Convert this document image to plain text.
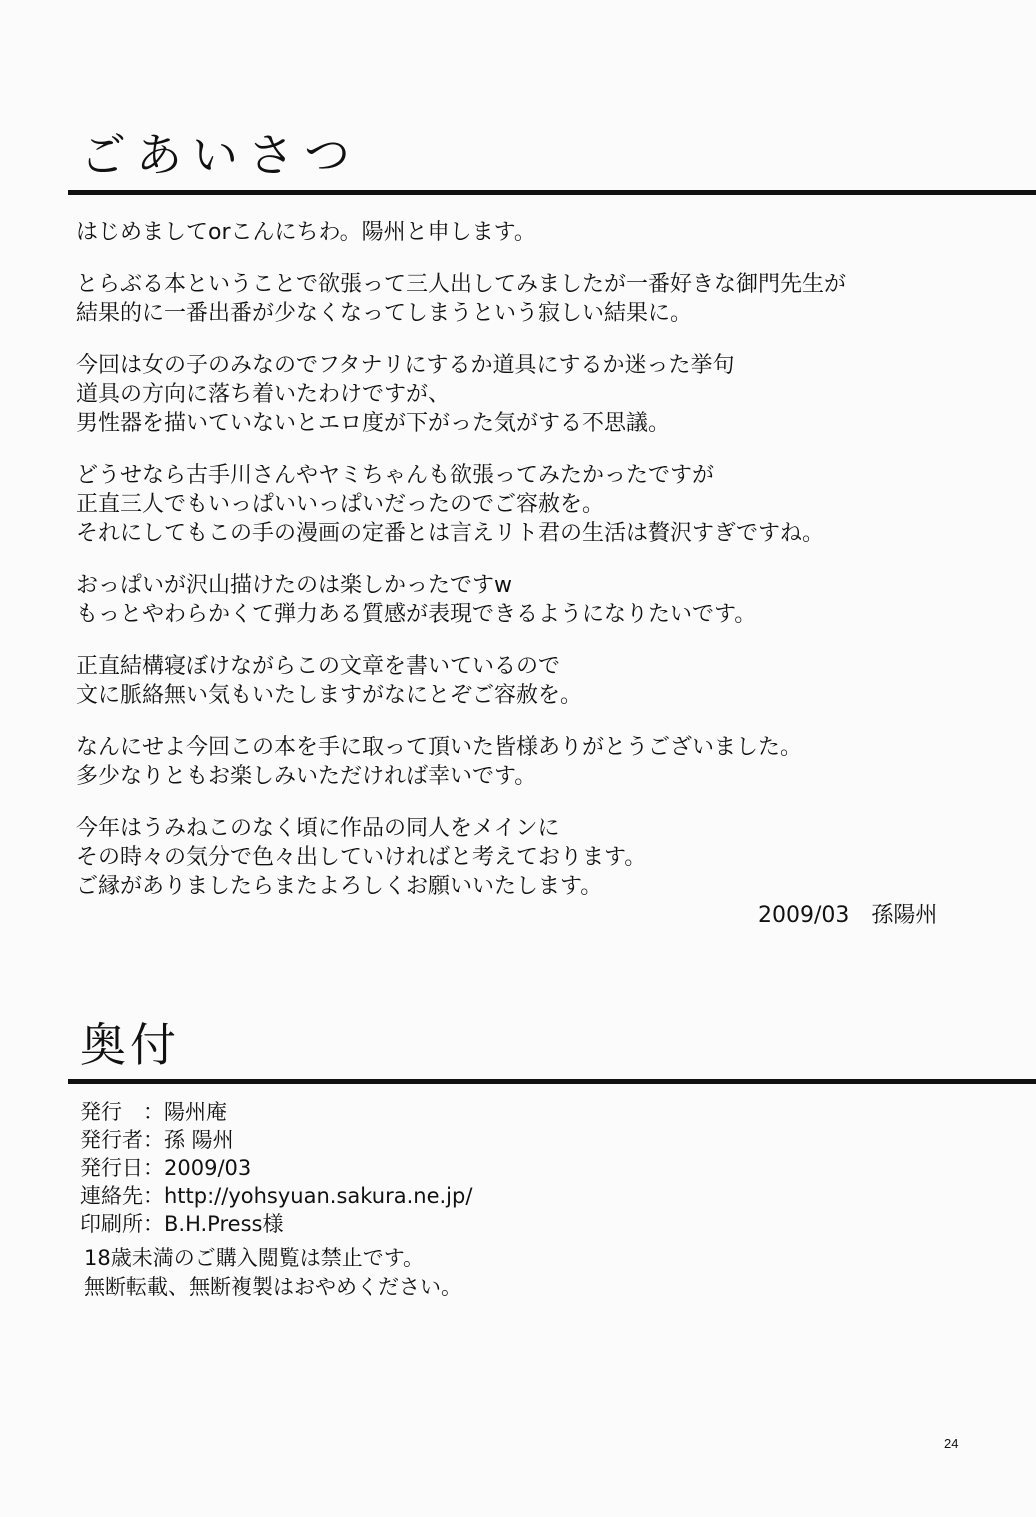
ごあいさつ

はじめましてorこんにちわ。陽州と申します。

とらぶる本ということで欲張って三人出してみましたが一番好きな御門先生が
結果的に一番出番が少なくなってしまうという寂しい結果に。

今回は女の子のみなのでフタナリにするか道具にするか迷った挙句
道具の方向に落ち着いたわけですが、
男性器を描いていないとエロ度が下がった気がする不思議。

どうせなら古手川さんやヤミちゃんも欲張ってみたかったですが
正直三人でもいっぱいいっぱいだったのでご容赦を。
それにしてもこの手の漫画の定番とは言えリト君の生活は贅沢すぎですね。

おっぱいが沢山描けたのは楽しかったですw
もっとやわらかくて弾力ある質感が表現できるようになりたいです。

正直結構寝ぼけながらこの文章を書いているので
文に脈絡無い気もいたしますがなにとぞご容赦を。

なんにせよ今回この本を手に取って頂いた皆様ありがとうございました。
多少なりともお楽しみいただければ幸いです。

今年はうみねこのなく頃に作品の同人をメインに
その時々の気分で色々出していければと考えております。
ご縁がありましたらまたよろしくお願いいたします。

2009/03　孫陽州
奥付
発行　：陽州庵
発行者：孫 陽州
発行日：2009/03
連絡先：http://yohsyuan.sakura.ne.jp/
印刷所：B.H.Press様
18歳未満のご購入閲覧は禁止です。
無断転載、無断複製はおやめください。
24
